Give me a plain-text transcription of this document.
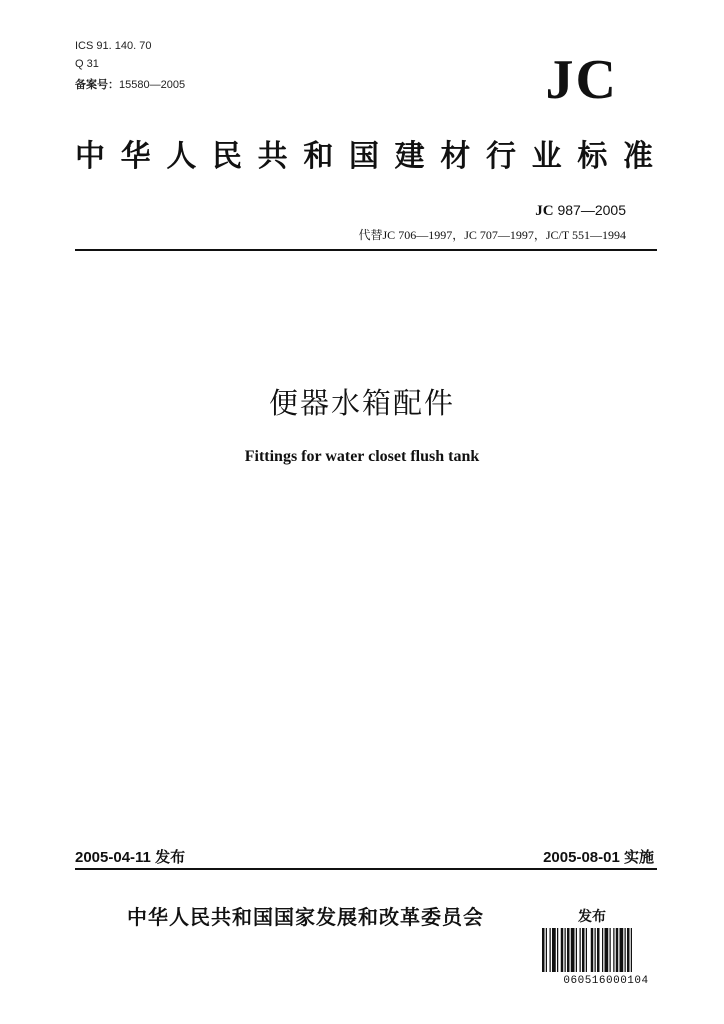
ICS 91. 140. 70
Q 31
备案号：15580—2005	JC
中华人民共和国建材行业标准
JC 987—2005
代替JC 706—1997，JC 707—1997，JC/T 551—1994
便器水箱配件
Fittings for water closet flush tank
2005-04-11 发布	2005-08-01 实施
中华人民共和国国家发展和改革委员会	发布
060516000104
